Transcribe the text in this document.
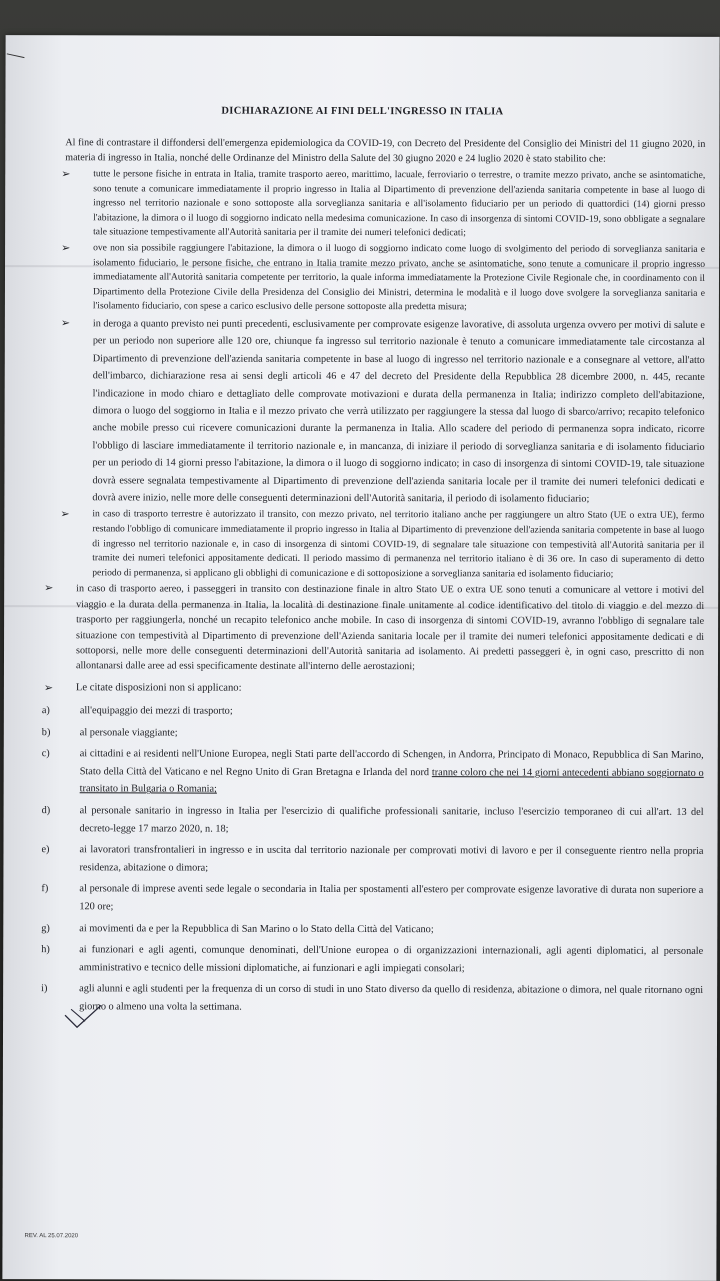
DICHIARAZIONE AI FINI DELL'INGRESSO IN ITALIA

Al fine di contrastare il diffondersi dell'emergenza epidemiologica da COVID-19, con Decreto del Presidente del Consiglio dei Ministri del 11 giugno 2020, in materia di ingresso in Italia, nonché delle Ordinanze del Ministro della Salute del 30 giugno 2020 e 24 luglio 2020 è stato stabilito che:

➢ tutte le persone fisiche in entrata in Italia, tramite trasporto aereo, marittimo, lacuale, ferroviario o terrestre, o tramite mezzo privato, anche se asintomatiche, sono tenute a comunicare immediatamente il proprio ingresso in Italia al Dipartimento di prevenzione dell'azienda sanitaria competente in base al luogo di ingresso nel territorio nazionale e sono sottoposte alla sorveglianza sanitaria e all'isolamento fiduciario per un periodo di quattordici (14) giorni presso l'abitazione, la dimora o il luogo di soggiorno indicato nella medesima comunicazione. In caso di insorgenza di sintomi COVID-19, sono obbligate a segnalare tale situazione tempestivamente all'Autorità sanitaria per il tramite dei numeri telefonici dedicati;
➢ ove non sia possibile raggiungere l'abitazione, la dimora o il luogo di soggiorno indicato come luogo di svolgimento del periodo di sorveglianza sanitaria e isolamento fiduciario, le persone fisiche, che entrano in Italia tramite mezzo privato, anche se asintomatiche, sono tenute a comunicare il proprio ingresso immediatamente all'Autorità sanitaria competente per territorio, la quale informa immediatamente la Protezione Civile Regionale che, in coordinamento con il Dipartimento della Protezione Civile della Presidenza del Consiglio dei Ministri, determina le modalità e il luogo dove svolgere la sorveglianza sanitaria e l'isolamento fiduciario, con spese a carico esclusivo delle persone sottoposte alla predetta misura;
➢ in deroga a quanto previsto nei punti precedenti, esclusivamente per comprovate esigenze lavorative, di assoluta urgenza ovvero per motivi di salute e per un periodo non superiore alle 120 ore, chiunque fa ingresso sul territorio nazionale è tenuto a comunicare immediatamente tale circostanza al Dipartimento di prevenzione dell'azienda sanitaria competente in base al luogo di ingresso nel territorio nazionale e a consegnare al vettore, all'atto dell'imbarco, dichiarazione resa ai sensi degli articoli 46 e 47 del decreto del Presidente della Repubblica 28 dicembre 2000, n. 445, recante l'indicazione in modo chiaro e dettagliato delle comprovate motivazioni e durata della permanenza in Italia; indirizzo completo dell'abitazione, dimora o luogo del soggiorno in Italia e il mezzo privato che verrà utilizzato per raggiungere la stessa dal luogo di sbarco/arrivo; recapito telefonico anche mobile presso cui ricevere comunicazioni durante la permanenza in Italia. Allo scadere del periodo di permanenza sopra indicato, ricorre l'obbligo di lasciare immediatamente il territorio nazionale e, in mancanza, di iniziare il periodo di sorveglianza sanitaria e di isolamento fiduciario per un periodo di 14 giorni presso l'abitazione, la dimora o il luogo di soggiorno indicato; in caso di insorgenza di sintomi COVID-19, tale situazione dovrà essere segnalata tempestivamente al Dipartimento di prevenzione dell'azienda sanitaria locale per il tramite dei numeri telefonici dedicati e dovrà avere inizio, nelle more delle conseguenti determinazioni dell'Autorità sanitaria, il periodo di isolamento fiduciario;
➢ in caso di trasporto terrestre è autorizzato il transito, con mezzo privato, nel territorio italiano anche per raggiungere un altro Stato (UE o extra UE), fermo restando l'obbligo di comunicare immediatamente il proprio ingresso in Italia al Dipartimento di prevenzione dell'azienda sanitaria competente in base al luogo di ingresso nel territorio nazionale e, in caso di insorgenza di sintomi COVID-19, di segnalare tale situazione con tempestività all'Autorità sanitaria per il tramite dei numeri telefonici appositamente dedicati. Il periodo massimo di permanenza nel territorio italiano è di 36 ore. In caso di superamento di detto periodo di permanenza, si applicano gli obblighi di comunicazione e di sottoposizione a sorveglianza sanitaria ed isolamento fiduciario;
➢ in caso di trasporto aereo, i passeggeri in transito con destinazione finale in altro Stato UE o extra UE sono tenuti a comunicare al vettore i motivi del viaggio e la durata della permanenza in Italia, la località di destinazione finale unitamente al codice identificativo del titolo di viaggio e del mezzo di trasporto per raggiungerla, nonché un recapito telefonico anche mobile. In caso di insorgenza di sintomi COVID-19, avranno l'obbligo di segnalare tale situazione con tempestività al Dipartimento di prevenzione dell'Azienda sanitaria locale per il tramite dei numeri telefonici appositamente dedicati e di sottoporsi, nelle more delle conseguenti determinazioni dell'Autorità sanitaria ad isolamento. Ai predetti passeggeri è, in ogni caso, prescritto di non allontanarsi dalle aree ad essi specificamente destinate all'interno delle aerostazioni;
➢ Le citate disposizioni non si applicano:
a)	all'equipaggio dei mezzi di trasporto;
b)	al personale viaggiante;
c)	ai cittadini e ai residenti nell'Unione Europea, negli Stati parte dell'accordo di Schengen, in Andorra, Principato di Monaco, Repubblica di San Marino, Stato della Città del Vaticano e nel Regno Unito di Gran Bretagna e Irlanda del nord tranne coloro che nei 14 giorni antecedenti abbiano soggiornato o transitato in Bulgaria o Romania;
d)	al personale sanitario in ingresso in Italia per l'esercizio di qualifiche professionali sanitarie, incluso l'esercizio temporaneo di cui all'art. 13 del decreto-legge 17 marzo 2020, n. 18;
e)	ai lavoratori transfrontalieri in ingresso e in uscita dal territorio nazionale per comprovati motivi di lavoro e per il conseguente rientro nella propria residenza, abitazione o dimora;
f)	al personale di imprese aventi sede legale o secondaria in Italia per spostamenti all'estero per comprovate esigenze lavorative di durata non superiore a 120 ore;
g)	ai movimenti da e per la Repubblica di San Marino o lo Stato della Città del Vaticano;
h)	ai funzionari e agli agenti, comunque denominati, dell'Unione europea o di organizzazioni internazionali, agli agenti diplomatici, al personale amministrativo e tecnico delle missioni diplomatiche, ai funzionari e agli impiegati consolari;
i)	agli alunni e agli studenti per la frequenza di un corso di studi in uno Stato diverso da quello di residenza, abitazione o dimora, nel quale ritornano ogni giorno o almeno una volta la settimana.
REV. AL 25.07.2020
